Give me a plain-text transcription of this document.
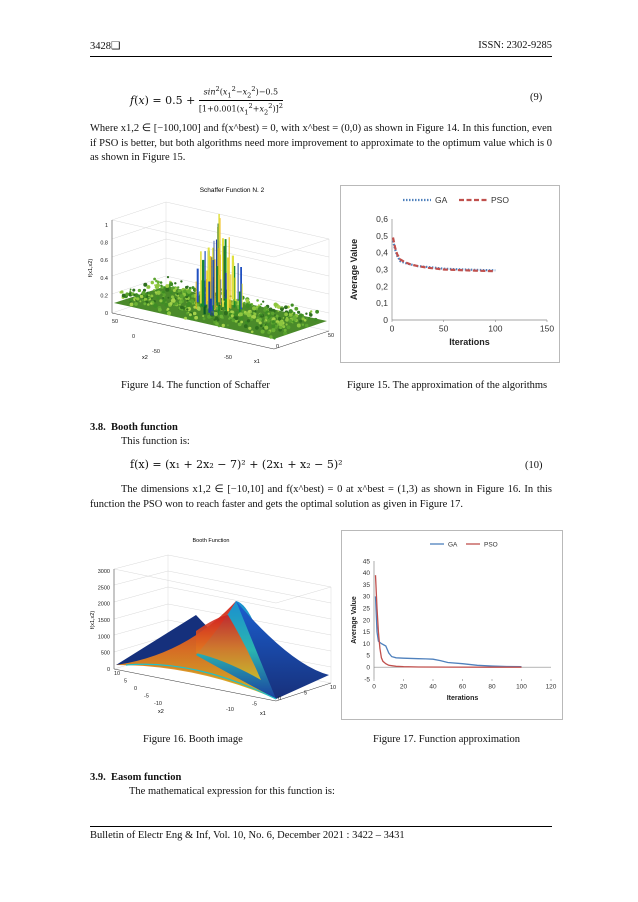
3428❑	ISSN: 2302-9285
$f(x) = 0.5 + \frac{\sin^2(x_1^2-x_2^2)-0.5}{[1+0.001(x_1^2+x_2^2)]^2}$	(9)
Where x1,2 ∈ [−100,100] and f(x^best) = 0, with x^best = (0,0) as shown in Figure 14. In this function, even if PSO is better, but both algorithms need more improvement to approximate to the optimum value which is 0 as shown in Figure 15.
Schaffer Function N. 2
1
0.8
0.6
0.4
0.2
0
f(x1,x2)
50
0
-50
-50
0
50
x2
x1
0
0,1
0,2
0,3
0,4
0,5
0,6
0	50	100	150
Iterations
Average Value
GA	PSO
Figure 14. The function of Schaffer	Figure 15. The approximation of the algorithms
3.8. Booth function
This function is:
f(x) = (x₁ + 2x₂ − 7)² + (2x₁ + x₂ − 5)²	(10)
The dimensions x1,2 ∈ [−10,10] and f(x^best) = 0 at x^best = (1,3) as shown in Figure 16. In this function the PSO won to reach faster and gets the optimal solution as given in Figure 17.
Booth Function
3000
2500
2000
1500
1000
500
0
f(x1,x2)
10
5
0
-5
-10
-10
-5
0
5
10
x2	x1
-5
0
5
10
15
20
25
30
35
40
45
0	20	40	60	80	100	120
Iterations
Average Value
GA	PSO
Figure 16. Booth image	Figure 17. Function approximation
3.9. Easom function
The mathematical expression for this function is:
Bulletin of Electr Eng & Inf, Vol. 10, No. 6, December 2021 : 3422 – 3431
